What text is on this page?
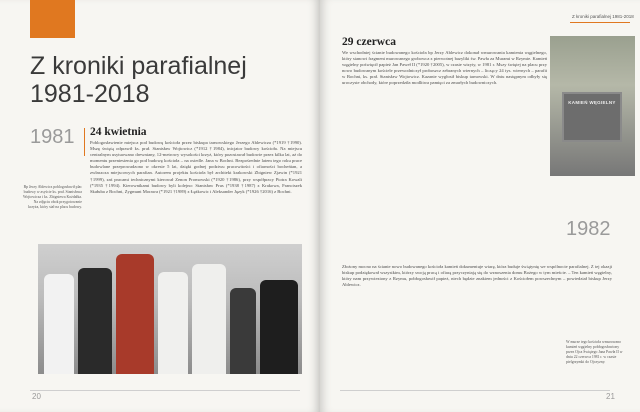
Z kroniki parafialnej
1981-2018
1981 24 kwietnia
Poblogosławienie miejsca pod budowę kościoła przez biskupa tarnowskiego Jerzego Ablewicza (*1919 †1990). Mszę świętą odprawił ks. prał. Stanisław Wojtowicz (*1912 †1984), inicjator budowy kościoła. Na miejscu centralnym usytuowano drewniany, 12-metrowy wysokości krzyż, który pozostawał budowie przez kilka lat, aż do momentu przeniesienia go pod budowę kościoła – na osiedle. Jana w Bochni. Bezpośrednie latem tego roku prace budowlane przeprowadzono w okresie 5 lat, dzięki godnej podziwu pracowitości i ofiarności bocheńian, a zwłaszcza miejscowych parafian. Autorem projektu kościoła był architekt krakowski Zbigniew Zjawin (*1921 †1999), zaś pracami technicznymi kierował Zenon Promowski (*1920 †1986), przy współpracy Piotra Kowali (*1935 †1994). Kierownikami budowy byli kolejno: Stanisław Prus (*1938 †1987) z Krakowa, Franciszek Skałuba z Bochni, Zygmunt Morawa (*1921 †1989) z Łężkowic i Aleksander Język (*1926 †2016) z Bochni.
Bp Jerzy Ablewicz poblogosławił plac budowy w asyście ks. prał. Stanisława Wojtowicza i ks. Zbigniewa Kożdałka. Na zdjęciu obok przygotowanie krzyża, który stał na placu budowy.
20
Z kroniki parafialnej 1981-2018
29 czerwca
We wschodniej ścianie budowanego kościoła bp Jerzy Ablewicz dokonał wmurowania kamienia węgielnego, który stanowi fragment murowanego grobowca z pierwotnej bazyliki św. Pawła za Murami w Rzymie. Kamień węgielny poświęcił papież Jan Paweł II (*1920 †2005), w czasie wizyty, w 1981 r. Mszy świętej na placu przy nowo budowanym kościele przewodniczył proboszcz zebranych wiernych – liczący 24 tys. wiernych – parafii w Bochni, ks. prał. Stanisław Wojtowicz. Kazanie wygłosił biskup tarnowski. W dniu następnym odbyły się uroczyste obchody, które poprzedziła modlitwa pamięci za zmarłych budowniczych.
Złożony mocno na ścianie nowo budowanego kościoła kamień dokumentuje wiarę, która buduje świątynię we wspólnocie parafialnej. Z tej okazji biskup podziękował wszystkim, którzy swoją pracą i ofiarą przyczyniają się do wznoszenia domu Bożego w tym mieście. – Ten kamień węgielny, który nam przywieziony z Rzymu, pobłogosławił papież, niech będzie znakiem jedności z Kościołem powszechnym – powiedział biskup Jerzy Ablewicz.
KAMIEŃ WĘGIELNY
1982
W murze tego kościoła wmurowano kamień węgielny pobłogosławiony przez Ojca Świętego Jana Pawła II w dniu 22 czerwca 1981 r. w czasie pielgrzymki do Ojczyzny.
21
